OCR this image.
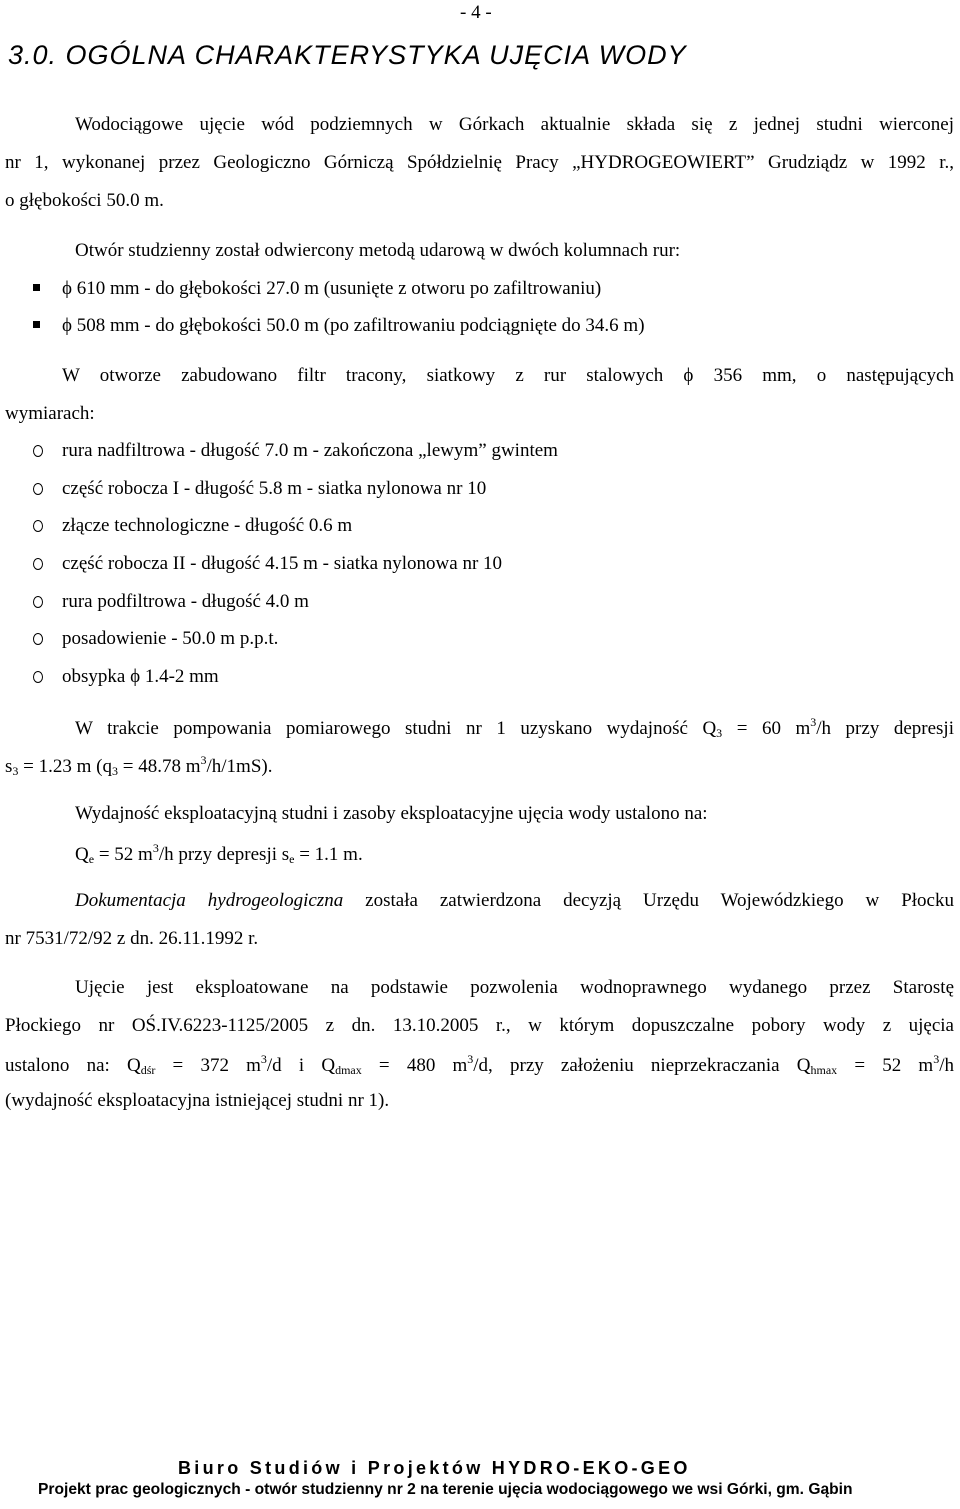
- 4 -
3.0. OGÓLNA CHARAKTERYSTYKA UJĘCIA WODY
Wodociągowe ujęcie wód podziemnych w Górkach aktualnie składa się z jednej studni wierconej
nr 1, wykonanej przez Geologiczno Górniczą Spółdzielnię Pracy „HYDROGEOWIERT” Grudziądz w 1992 r.,
o głębokości 50.0 m.
Otwór studzienny został odwiercony metodą udarową w dwóch kolumnach rur:
ϕ 610 mm - do głębokości 27.0 m (usunięte z otworu po zafiltrowaniu)
ϕ 508 mm - do głębokości 50.0 m (po zafiltrowaniu podciągnięte do 34.6 m)
W otworze zabudowano filtr tracony, siatkowy z rur stalowych ϕ 356 mm, o następujących
wymiarach:
rura nadfiltrowa - długość 7.0 m - zakończona „lewym” gwintem
część robocza I - długość 5.8 m - siatka nylonowa nr 10
złącze technologiczne - długość 0.6 m
część robocza II - długość 4.15 m - siatka nylonowa nr 10
rura podfiltrowa - długość 4.0 m
posadowienie - 50.0 m p.p.t.
obsypka ϕ 1.4-2 mm
W trakcie pompowania pomiarowego studni nr 1 uzyskano wydajność $Q_3 = 60$ $m^3/h$ przy depresji
$s_3 = 1.23$ m ($q_3 = 48.78$ $m^3/h/1mS$).
Wydajność eksploatacyjną studni i zasoby eksploatacyjne ujęcia wody ustalono na:
$Q_e = 52$ $m^3/h$ przy depresji $s_e = 1.1$ m.
Dokumentacja hydrogeologiczna została zatwierdzona decyzją Urzędu Wojewódzkiego w Płocku
nr 7531/72/92 z dn. 26.11.1992 r.
Ujęcie jest eksploatowane na podstawie pozwolenia wodnoprawnego wydanego przez Starostę
Płockiego nr OŚ.IV.6223-1125/2005 z dn. 13.10.2005 r., w którym dopuszczalne pobory wody z ujęcia
ustalono na: $Q_{dśr} = 372$ $m^3/d$ i $Q_{dmax} = 480$ $m^3/d$, przy założeniu nieprzekraczania $Q_{hmax} = 52$ $m^3/h$
(wydajność eksploatacyjna istniejącej studni nr 1).
Biuro Studiów i Projektów HYDRO-EKO-GEO
Projekt prac geologicznych - otwór studzienny nr 2 na terenie ujęcia wodociągowego we wsi Górki, gm. Gąbin
